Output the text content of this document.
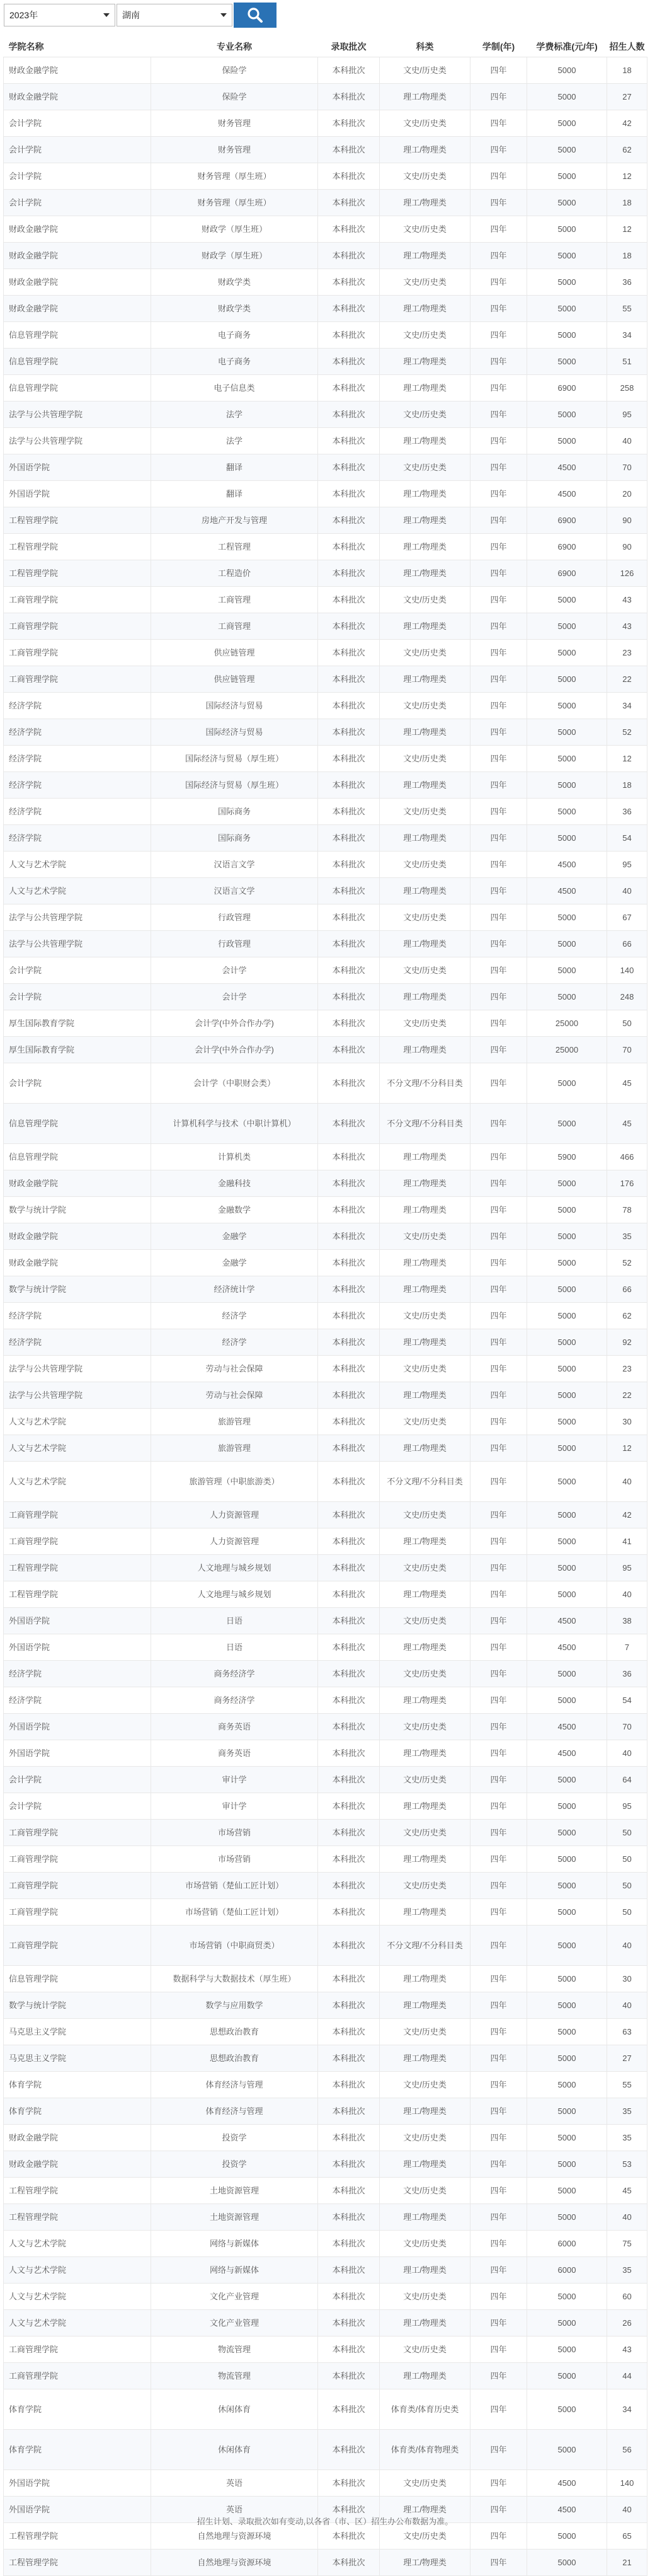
2023年	湖南
学院名称	专业名称	录取批次	科类	学制(年)	学费标准(元/年)	招生人数
财政金融学院	保险学	本科批次	文史/历史类	四年	5000	18
财政金融学院	保险学	本科批次	理工/物理类	四年	5000	27
会计学院	财务管理	本科批次	文史/历史类	四年	5000	42
会计学院	财务管理	本科批次	理工/物理类	四年	5000	62
会计学院	财务管理（厚生班）	本科批次	文史/历史类	四年	5000	12
会计学院	财务管理（厚生班）	本科批次	理工/物理类	四年	5000	18
财政金融学院	财政学（厚生班）	本科批次	文史/历史类	四年	5000	12
财政金融学院	财政学（厚生班）	本科批次	理工/物理类	四年	5000	18
财政金融学院	财政学类	本科批次	文史/历史类	四年	5000	36
财政金融学院	财政学类	本科批次	理工/物理类	四年	5000	55
信息管理学院	电子商务	本科批次	文史/历史类	四年	5000	34
信息管理学院	电子商务	本科批次	理工/物理类	四年	5000	51
信息管理学院	电子信息类	本科批次	理工/物理类	四年	6900	258
法学与公共管理学院	法学	本科批次	文史/历史类	四年	5000	95
法学与公共管理学院	法学	本科批次	理工/物理类	四年	5000	40
外国语学院	翻译	本科批次	文史/历史类	四年	4500	70
外国语学院	翻译	本科批次	理工/物理类	四年	4500	20
工程管理学院	房地产开发与管理	本科批次	理工/物理类	四年	6900	90
工程管理学院	工程管理	本科批次	理工/物理类	四年	6900	90
工程管理学院	工程造价	本科批次	理工/物理类	四年	6900	126
工商管理学院	工商管理	本科批次	文史/历史类	四年	5000	43
工商管理学院	工商管理	本科批次	理工/物理类	四年	5000	43
工商管理学院	供应链管理	本科批次	文史/历史类	四年	5000	23
工商管理学院	供应链管理	本科批次	理工/物理类	四年	5000	22
经济学院	国际经济与贸易	本科批次	文史/历史类	四年	5000	34
经济学院	国际经济与贸易	本科批次	理工/物理类	四年	5000	52
经济学院	国际经济与贸易（厚生班）	本科批次	文史/历史类	四年	5000	12
经济学院	国际经济与贸易（厚生班）	本科批次	理工/物理类	四年	5000	18
经济学院	国际商务	本科批次	文史/历史类	四年	5000	36
经济学院	国际商务	本科批次	理工/物理类	四年	5000	54
人文与艺术学院	汉语言文学	本科批次	文史/历史类	四年	4500	95
人文与艺术学院	汉语言文学	本科批次	理工/物理类	四年	4500	40
法学与公共管理学院	行政管理	本科批次	文史/历史类	四年	5000	67
法学与公共管理学院	行政管理	本科批次	理工/物理类	四年	5000	66
会计学院	会计学	本科批次	文史/历史类	四年	5000	140
会计学院	会计学	本科批次	理工/物理类	四年	5000	248
厚生国际教育学院	会计学(中外合作办学)	本科批次	文史/历史类	四年	25000	50
厚生国际教育学院	会计学(中外合作办学)	本科批次	理工/物理类	四年	25000	70
会计学院	会计学（中职财会类）	本科批次	不分文理/不分科目类	四年	5000	45
信息管理学院	计算机科学与技术（中职计算机）	本科批次	不分文理/不分科目类	四年	5000	45
信息管理学院	计算机类	本科批次	理工/物理类	四年	5900	466
财政金融学院	金融科技	本科批次	理工/物理类	四年	5000	176
数学与统计学院	金融数学	本科批次	理工/物理类	四年	5000	78
财政金融学院	金融学	本科批次	文史/历史类	四年	5000	35
财政金融学院	金融学	本科批次	理工/物理类	四年	5000	52
数学与统计学院	经济统计学	本科批次	理工/物理类	四年	5000	66
经济学院	经济学	本科批次	文史/历史类	四年	5000	62
经济学院	经济学	本科批次	理工/物理类	四年	5000	92
法学与公共管理学院	劳动与社会保障	本科批次	文史/历史类	四年	5000	23
法学与公共管理学院	劳动与社会保障	本科批次	理工/物理类	四年	5000	22
人文与艺术学院	旅游管理	本科批次	文史/历史类	四年	5000	30
人文与艺术学院	旅游管理	本科批次	理工/物理类	四年	5000	12
人文与艺术学院	旅游管理（中职旅游类）	本科批次	不分文理/不分科目类	四年	5000	40
工商管理学院	人力资源管理	本科批次	文史/历史类	四年	5000	42
工商管理学院	人力资源管理	本科批次	理工/物理类	四年	5000	41
工程管理学院	人文地理与城乡规划	本科批次	文史/历史类	四年	5000	95
工程管理学院	人文地理与城乡规划	本科批次	理工/物理类	四年	5000	40
外国语学院	日语	本科批次	文史/历史类	四年	4500	38
外国语学院	日语	本科批次	理工/物理类	四年	4500	7
经济学院	商务经济学	本科批次	文史/历史类	四年	5000	36
经济学院	商务经济学	本科批次	理工/物理类	四年	5000	54
外国语学院	商务英语	本科批次	文史/历史类	四年	4500	70
外国语学院	商务英语	本科批次	理工/物理类	四年	4500	40
会计学院	审计学	本科批次	文史/历史类	四年	5000	64
会计学院	审计学	本科批次	理工/物理类	四年	5000	95
工商管理学院	市场营销	本科批次	文史/历史类	四年	5000	50
工商管理学院	市场营销	本科批次	理工/物理类	四年	5000	50
工商管理学院	市场营销（楚仙工匠计划）	本科批次	文史/历史类	四年	5000	50
工商管理学院	市场营销（楚仙工匠计划）	本科批次	理工/物理类	四年	5000	50
工商管理学院	市场营销（中职商贸类）	本科批次	不分文理/不分科目类	四年	5000	40
信息管理学院	数据科学与大数据技术（厚生班）	本科批次	理工/物理类	四年	5000	30
数学与统计学院	数学与应用数学	本科批次	理工/物理类	四年	5000	40
马克思主义学院	思想政治教育	本科批次	文史/历史类	四年	5000	63
马克思主义学院	思想政治教育	本科批次	理工/物理类	四年	5000	27
体育学院	体育经济与管理	本科批次	文史/历史类	四年	5000	55
体育学院	体育经济与管理	本科批次	理工/物理类	四年	5000	35
财政金融学院	投资学	本科批次	文史/历史类	四年	5000	35
财政金融学院	投资学	本科批次	理工/物理类	四年	5000	53
工程管理学院	土地资源管理	本科批次	文史/历史类	四年	5000	45
工程管理学院	土地资源管理	本科批次	理工/物理类	四年	5000	40
人文与艺术学院	网络与新媒体	本科批次	文史/历史类	四年	6000	75
人文与艺术学院	网络与新媒体	本科批次	理工/物理类	四年	6000	35
人文与艺术学院	文化产业管理	本科批次	文史/历史类	四年	5000	60
人文与艺术学院	文化产业管理	本科批次	理工/物理类	四年	5000	26
工商管理学院	物流管理	本科批次	文史/历史类	四年	5000	43
工商管理学院	物流管理	本科批次	理工/物理类	四年	5000	44
体育学院	休闲体育	本科批次	体育类/体育历史类	四年	5000	34
体育学院	休闲体育	本科批次	体育类/体育物理类	四年	5000	56
外国语学院	英语	本科批次	文史/历史类	四年	4500	140
外国语学院	英语	本科批次	理工/物理类	四年	4500	40
工程管理学院	自然地理与资源环境	本科批次	文史/历史类	四年	5000	65
工程管理学院	自然地理与资源环境	本科批次	理工/物理类	四年	5000	21
招生计划、录取批次如有变动,以各省（市、区）招生办公布数据为准。
